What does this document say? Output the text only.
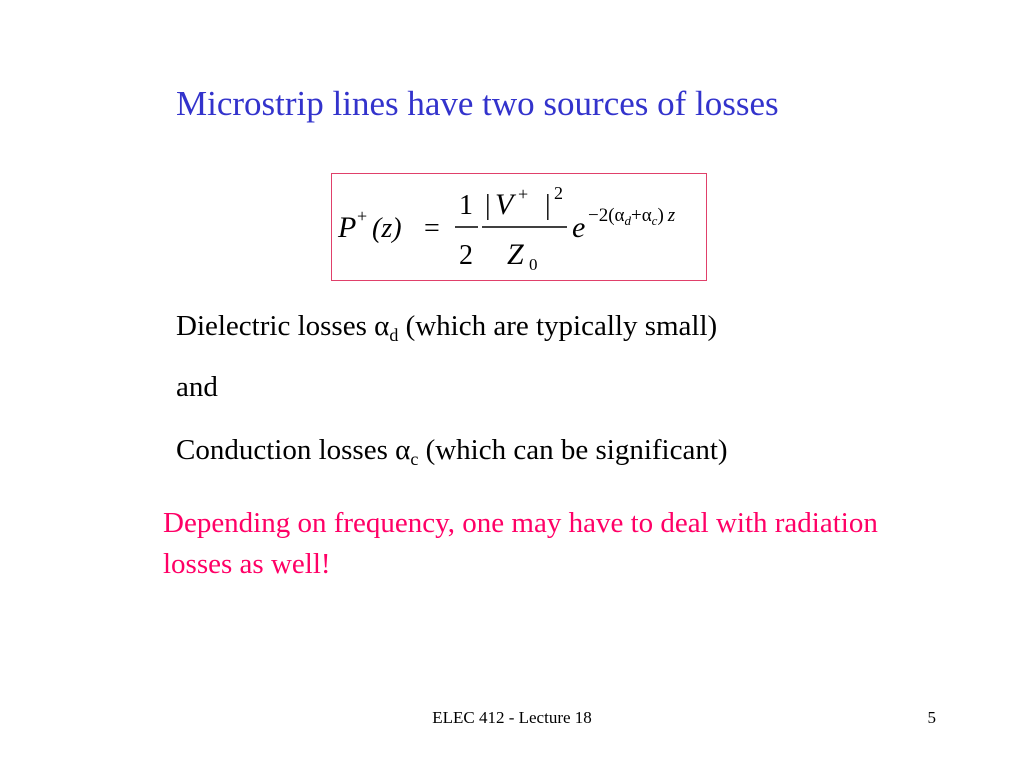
Microstrip lines have two sources of losses
P + (z) =
1
2
| V + | 2
Z 0
$e -2(\alpha_d+\alpha_c)$ z
Dielectric losses $\alpha_d$ (which are typically small)
and
Conduction losses $\alpha_c$ (which can be significant)
Depending on frequency, one may have to deal with radiation losses as well!
ELEC 412 - Lecture 18	5
